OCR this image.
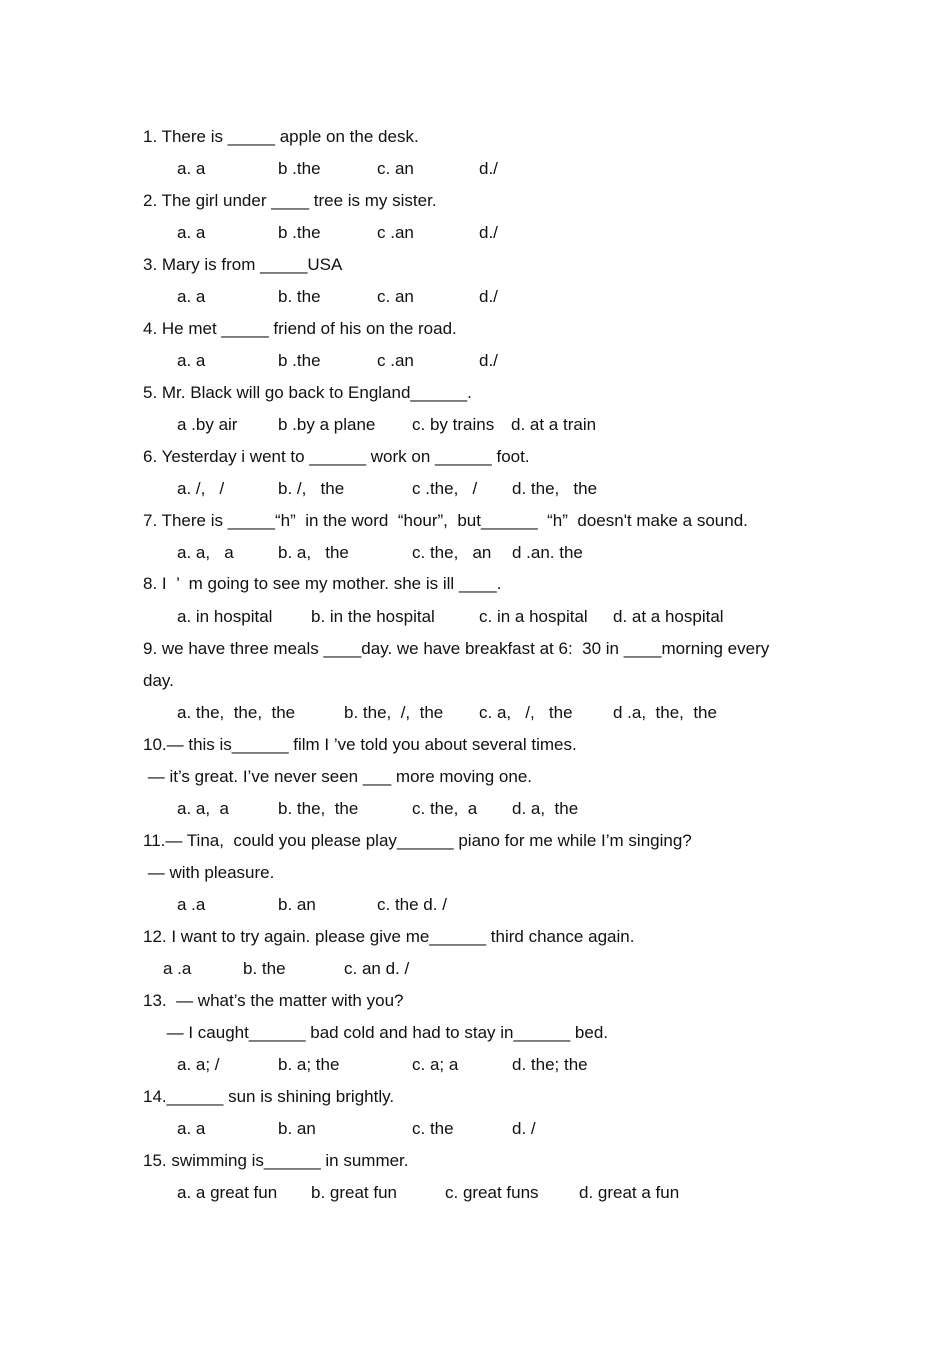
1. There is _____ apple on the desk.

a. a

	b .the

	c. an

	d./

2. The girl under ____ tree is my sister.

a. a

	b .the

	c .an

	d./

3. Mary is from _____USA

a. a

	b. the

	c. an

	d./

4. He met _____ friend of his on the road.

a. a

	b .the

	c .an

	d./

5. Mr. Black will go back to England______.

a .by air

b .by a plane

c. by trains

d. at a train

6. Yesterday i went to ______ work on ______ foot.

a. /,   /

	b. /,   the

	c .the,   /

d. the,   the

7. There is _____“h”  in the word  “hour”,  but______  “h”  doesn't make a sound.

a. a,   a

	b. a,   the

	c. the,   an

d .an. the

8. I  ’  m going to see my mother. she is ill ____.

a. in hospital

b. in the hospital

	c. in a hospital

d. at a hospital

9. we have three meals ____day. we have breakfast at 6:  30 in ____morning every
day.

a. the,  the,  the

	b. the,  /,  the

c. a,   /,   the

d .a,  the,  the

10.— this is______ film I ’ve told you about several times.
— it’s great. I’ve never seen ___ more moving one.

a. a,  a

	b. the,  the

	c. the,  a

d. a,  the

11.— Tina,  could you please play______ piano for me while I’m singing?
— with pleasure.

a .a

	b. an

	c. the d. /

12. I want to try again. please give me______ third chance again.

a .a

	b. the

	c. an d. /

13.  — what’s the matter with you?
— I caught______ bad cold and had to stay in______ bed.

a. a; /

	b. a; the

	c. a; a

	d. the; the

14.______ sun is shining brightly.

a. a

	b. an

	c. the

	d. /

15. swimming is______ in summer.

a. a great fun

b. great fun

	c. great funs

d. great a fun
